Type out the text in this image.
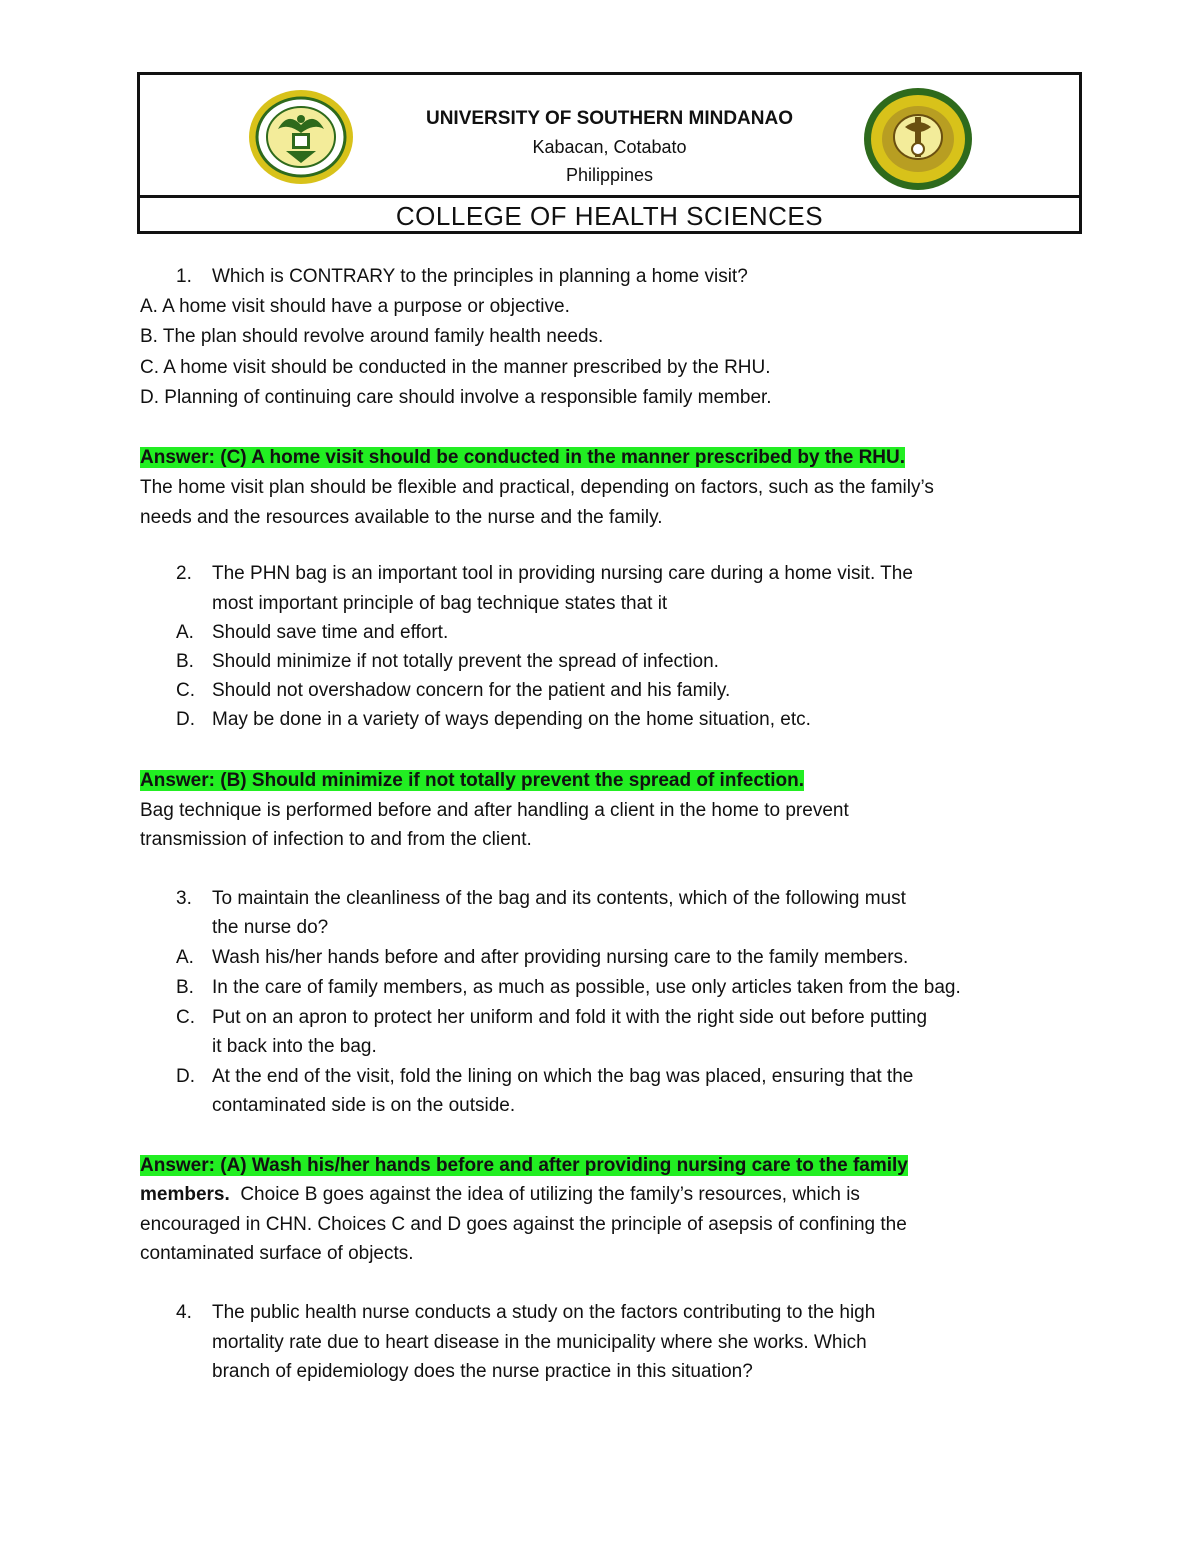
UNIVERSITY OF SOUTHERN MINDANAO
Kabacan, Cotabato
Philippines
COLLEGE OF HEALTH SCIENCES
1. Which is CONTRARY to the principles in planning a home visit?
A. A home visit should have a purpose or objective.
B. The plan should revolve around family health needs.
C. A home visit should be conducted in the manner prescribed by the RHU.
D. Planning of continuing care should involve a responsible family member.
Answer: (C) A home visit should be conducted in the manner prescribed by the RHU.
The home visit plan should be flexible and practical, depending on factors, such as the family’s
needs and the resources available to the nurse and the family.
2. The PHN bag is an important tool in providing nursing care during a home visit. The
most important principle of bag technique states that it
A. Should save time and effort.
B. Should minimize if not totally prevent the spread of infection.
C. Should not overshadow concern for the patient and his family.
D. May be done in a variety of ways depending on the home situation, etc.
Answer: (B) Should minimize if not totally prevent the spread of infection.
Bag technique is performed before and after handling a client in the home to prevent
transmission of infection to and from the client.
3. To maintain the cleanliness of the bag and its contents, which of the following must
the nurse do?
A. Wash his/her hands before and after providing nursing care to the family members.
B. In the care of family members, as much as possible, use only articles taken from the bag.
C. Put on an apron to protect her uniform and fold it with the right side out before putting
it back into the bag.
D. At the end of the visit, fold the lining on which the bag was placed, ensuring that the
contaminated side is on the outside.
Answer: (A) Wash his/her hands before and after providing nursing care to the family
members.  Choice B goes against the idea of utilizing the family’s resources, which is
encouraged in CHN. Choices C and D goes against the principle of asepsis of confining the
contaminated surface of objects.
4. The public health nurse conducts a study on the factors contributing to the high
mortality rate due to heart disease in the municipality where she works. Which
branch of epidemiology does the nurse practice in this situation?
